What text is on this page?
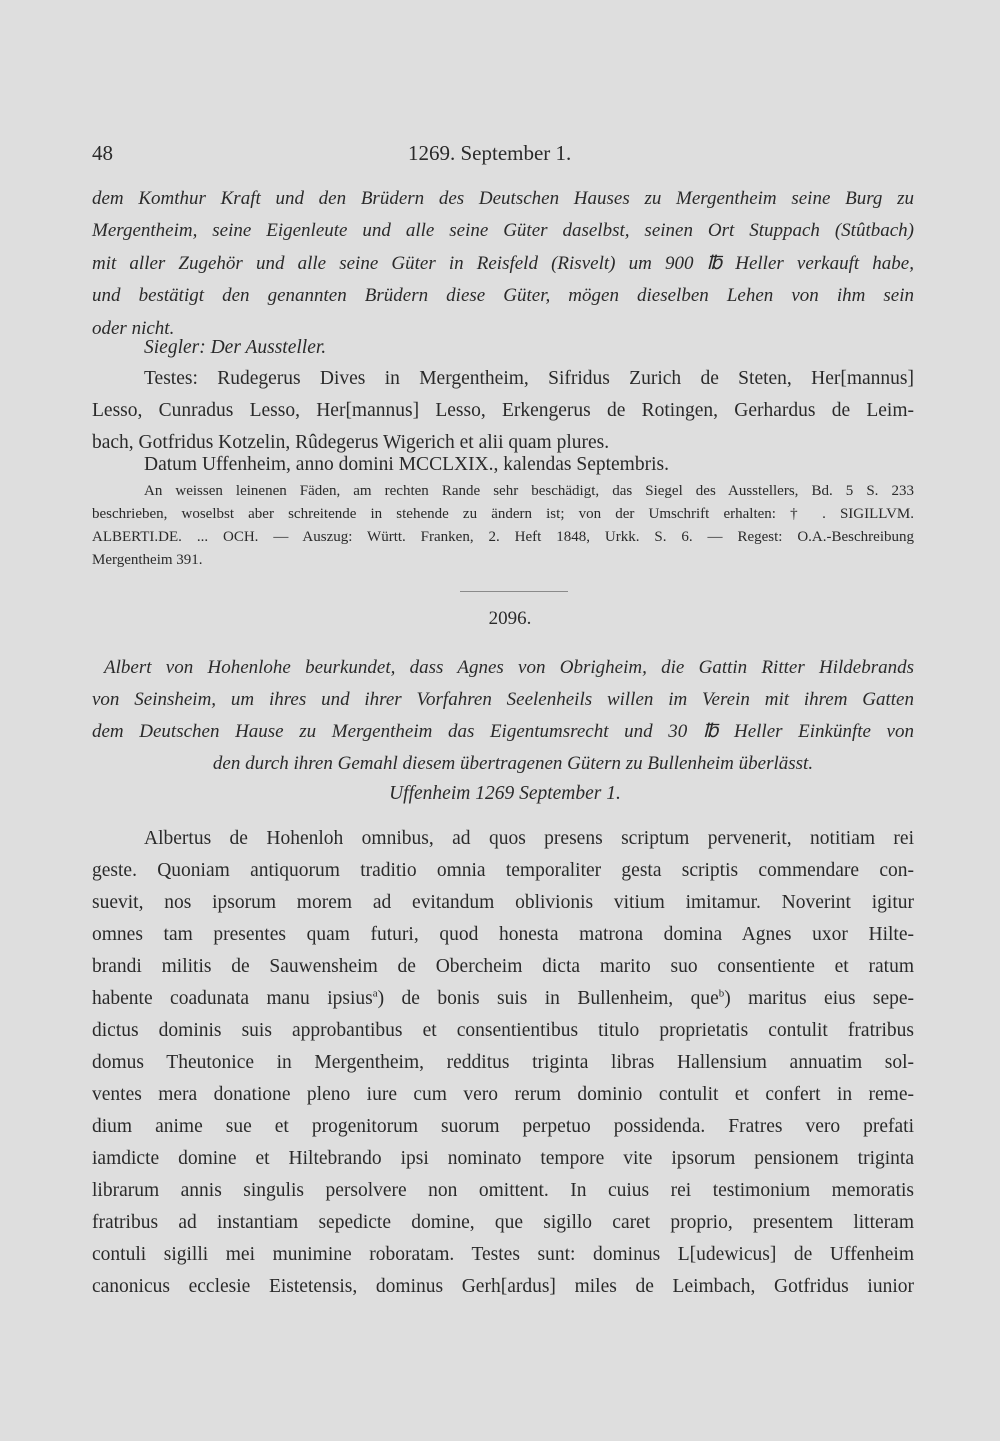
48	1269. September 1.
dem Komthur Kraft und den Brüdern des Deutschen Hauses zu Mergentheim seine Burg zu
Mergentheim, seine Eigenleute und alle seine Güter daselbst, seinen Ort Stuppach (Stûtbach)
mit aller Zugehör und alle seine Güter in Reisfeld (Risvelt) um 900 ℔ Heller verkauft habe,
und bestätigt den genannten Brüdern diese Güter, mögen dieselben Lehen von ihm sein
oder nicht.
Siegler: Der Aussteller.
Testes: Rudegerus Dives in Mergentheim, Sifridus Zurich de Steten, Her[mannus]
Lesso, Cunradus Lesso, Her[mannus] Lesso, Erkengerus de Rotingen, Gerhardus de Leim-
bach, Gotfridus Kotzelin, Rûdegerus Wigerich et alii quam plures.
Datum Uffenheim, anno domini MCCLXIX., kalendas Septembris.
An weissen leinenen Fäden, am rechten Rande sehr beschädigt, das Siegel des Ausstellers, Bd. 5 S. 233
beschrieben, woselbst aber schreitende in stehende zu ändern ist; von der Umschrift erhalten: † . SIGILLVM.
ALBERTI.DE. ... OCH. — Auszug: Württ. Franken, 2. Heft 1848, Urkk. S. 6. — Regest: O.A.-Beschreibung
Mergentheim 391.
2096.
Albert von Hohenlohe beurkundet, dass Agnes von Obrigheim, die Gattin Ritter Hildebrands
von Seinsheim, um ihres und ihrer Vorfahren Seelenheils willen im Verein mit ihrem Gatten
dem Deutschen Hause zu Mergentheim das Eigentumsrecht und 30 ℔ Heller Einkünfte von
den durch ihren Gemahl diesem übertragenen Gütern zu Bullenheim überlässt.
Uffenheim 1269 September 1.
Albertus de Hohenloh omnibus, ad quos presens scriptum pervenerit, notitiam rei
geste. Quoniam antiquorum traditio omnia temporaliter gesta scriptis commendare con-
suevit, nos ipsorum morem ad evitandum oblivionis vitium imitamur. Noverint igitur
omnes tam presentes quam futuri, quod honesta matrona domina Agnes uxor Hilte-
brandi militis de Sauwensheim de Obercheim dicta marito suo consentiente et ratum
habente coadunata manu ipsius$^a$) de bonis suis in Bullenheim, que$^b$) maritus eius sepe-
dictus dominis suis approbantibus et consentientibus titulo proprietatis contulit fratribus
domus Theutonice in Mergentheim, redditus triginta libras Hallensium annuatim sol-
ventes mera donatione pleno iure cum vero rerum dominio contulit et confert in reme-
dium anime sue et progenitorum suorum perpetuo possidenda. Fratres vero prefati
iamdicte domine et Hiltebrando ipsi nominato tempore vite ipsorum pensionem triginta
librarum annis singulis persolvere non omittent. In cuius rei testimonium memoratis
fratribus ad instantiam sepedicte domine, que sigillo caret proprio, presentem litteram
contuli sigilli mei munimine roboratam. Testes sunt: dominus L[udewicus] de Uffenheim
canonicus ecclesie Eistetensis, dominus Gerh[ardus] miles de Leimbach, Gotfridus iunior
